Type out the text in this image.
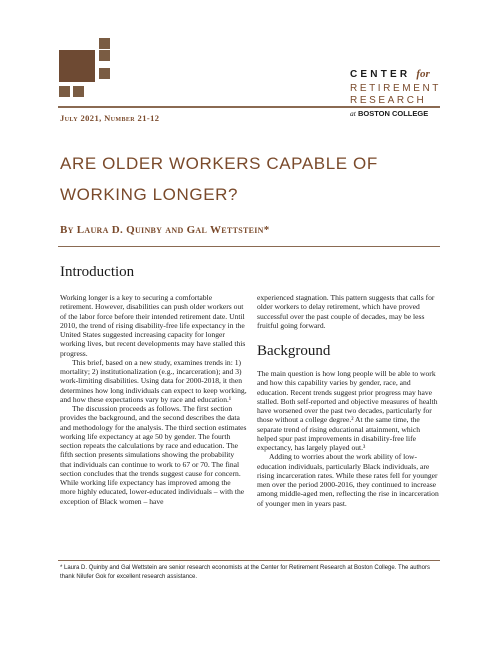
CENTER for
RETIREMENT
RESEARCH
at BOSTON COLLEGE
July 2021, Number 21-12
ARE OLDER WORKERS CAPABLE OF
WORKING LONGER?
By Laura D. Quinby and Gal Wettstein*
Introduction

Working longer is a key to securing a comfortable retirement. However, disabilities can push older workers out of the labor force before their intended retirement date. Until 2010, the trend of rising disability-free life expectancy in the United States suggested increasing capacity for longer working lives, but recent developments may have stalled this progress.

This brief, based on a new study, examines trends in: 1) mortality; 2) institutionalization (e.g., incarceration); and 3) work-limiting disabilities. Using data for 2000-2018, it then determines how long individuals can expect to keep working, and how these expectations vary by race and education.¹

The discussion proceeds as follows. The first section provides the background, and the second describes the data and methodology for the analysis. The third section estimates working life expectancy at age 50 by gender. The fourth section repeats the calculations by race and education. The fifth section presents simulations showing the probability that individuals can continue to work to 67 or 70. The final section concludes that the trends suggest cause for concern. While working life expectancy has improved among the more highly educated, lower-educated individuals – with the exception of Black women – have

experienced stagnation. This pattern suggests that calls for older workers to delay retirement, which have proved successful over the past couple of decades, may be less fruitful going forward.

Background

The main question is how long people will be able to work and how this capability varies by gender, race, and education. Recent trends suggest prior progress may have stalled. Both self-reported and objective measures of health have worsened over the past two decades, particularly for those without a college degree.² At the same time, the separate trend of rising educational attainment, which helped spur past improvements in disability-free life expectancy, has largely played out.³

Adding to worries about the work ability of low-education individuals, particularly Black individuals, are rising incarceration rates. While these rates fell for younger men over the period 2000-2016, they continued to increase among middle-aged men, reflecting the rise in incarceration of younger men in years past.

* Laura D. Quinby and Gal Wettstein are senior research economists at the Center for Retirement Research at Boston College. The authors thank Nilufer Gok for excellent research assistance.
